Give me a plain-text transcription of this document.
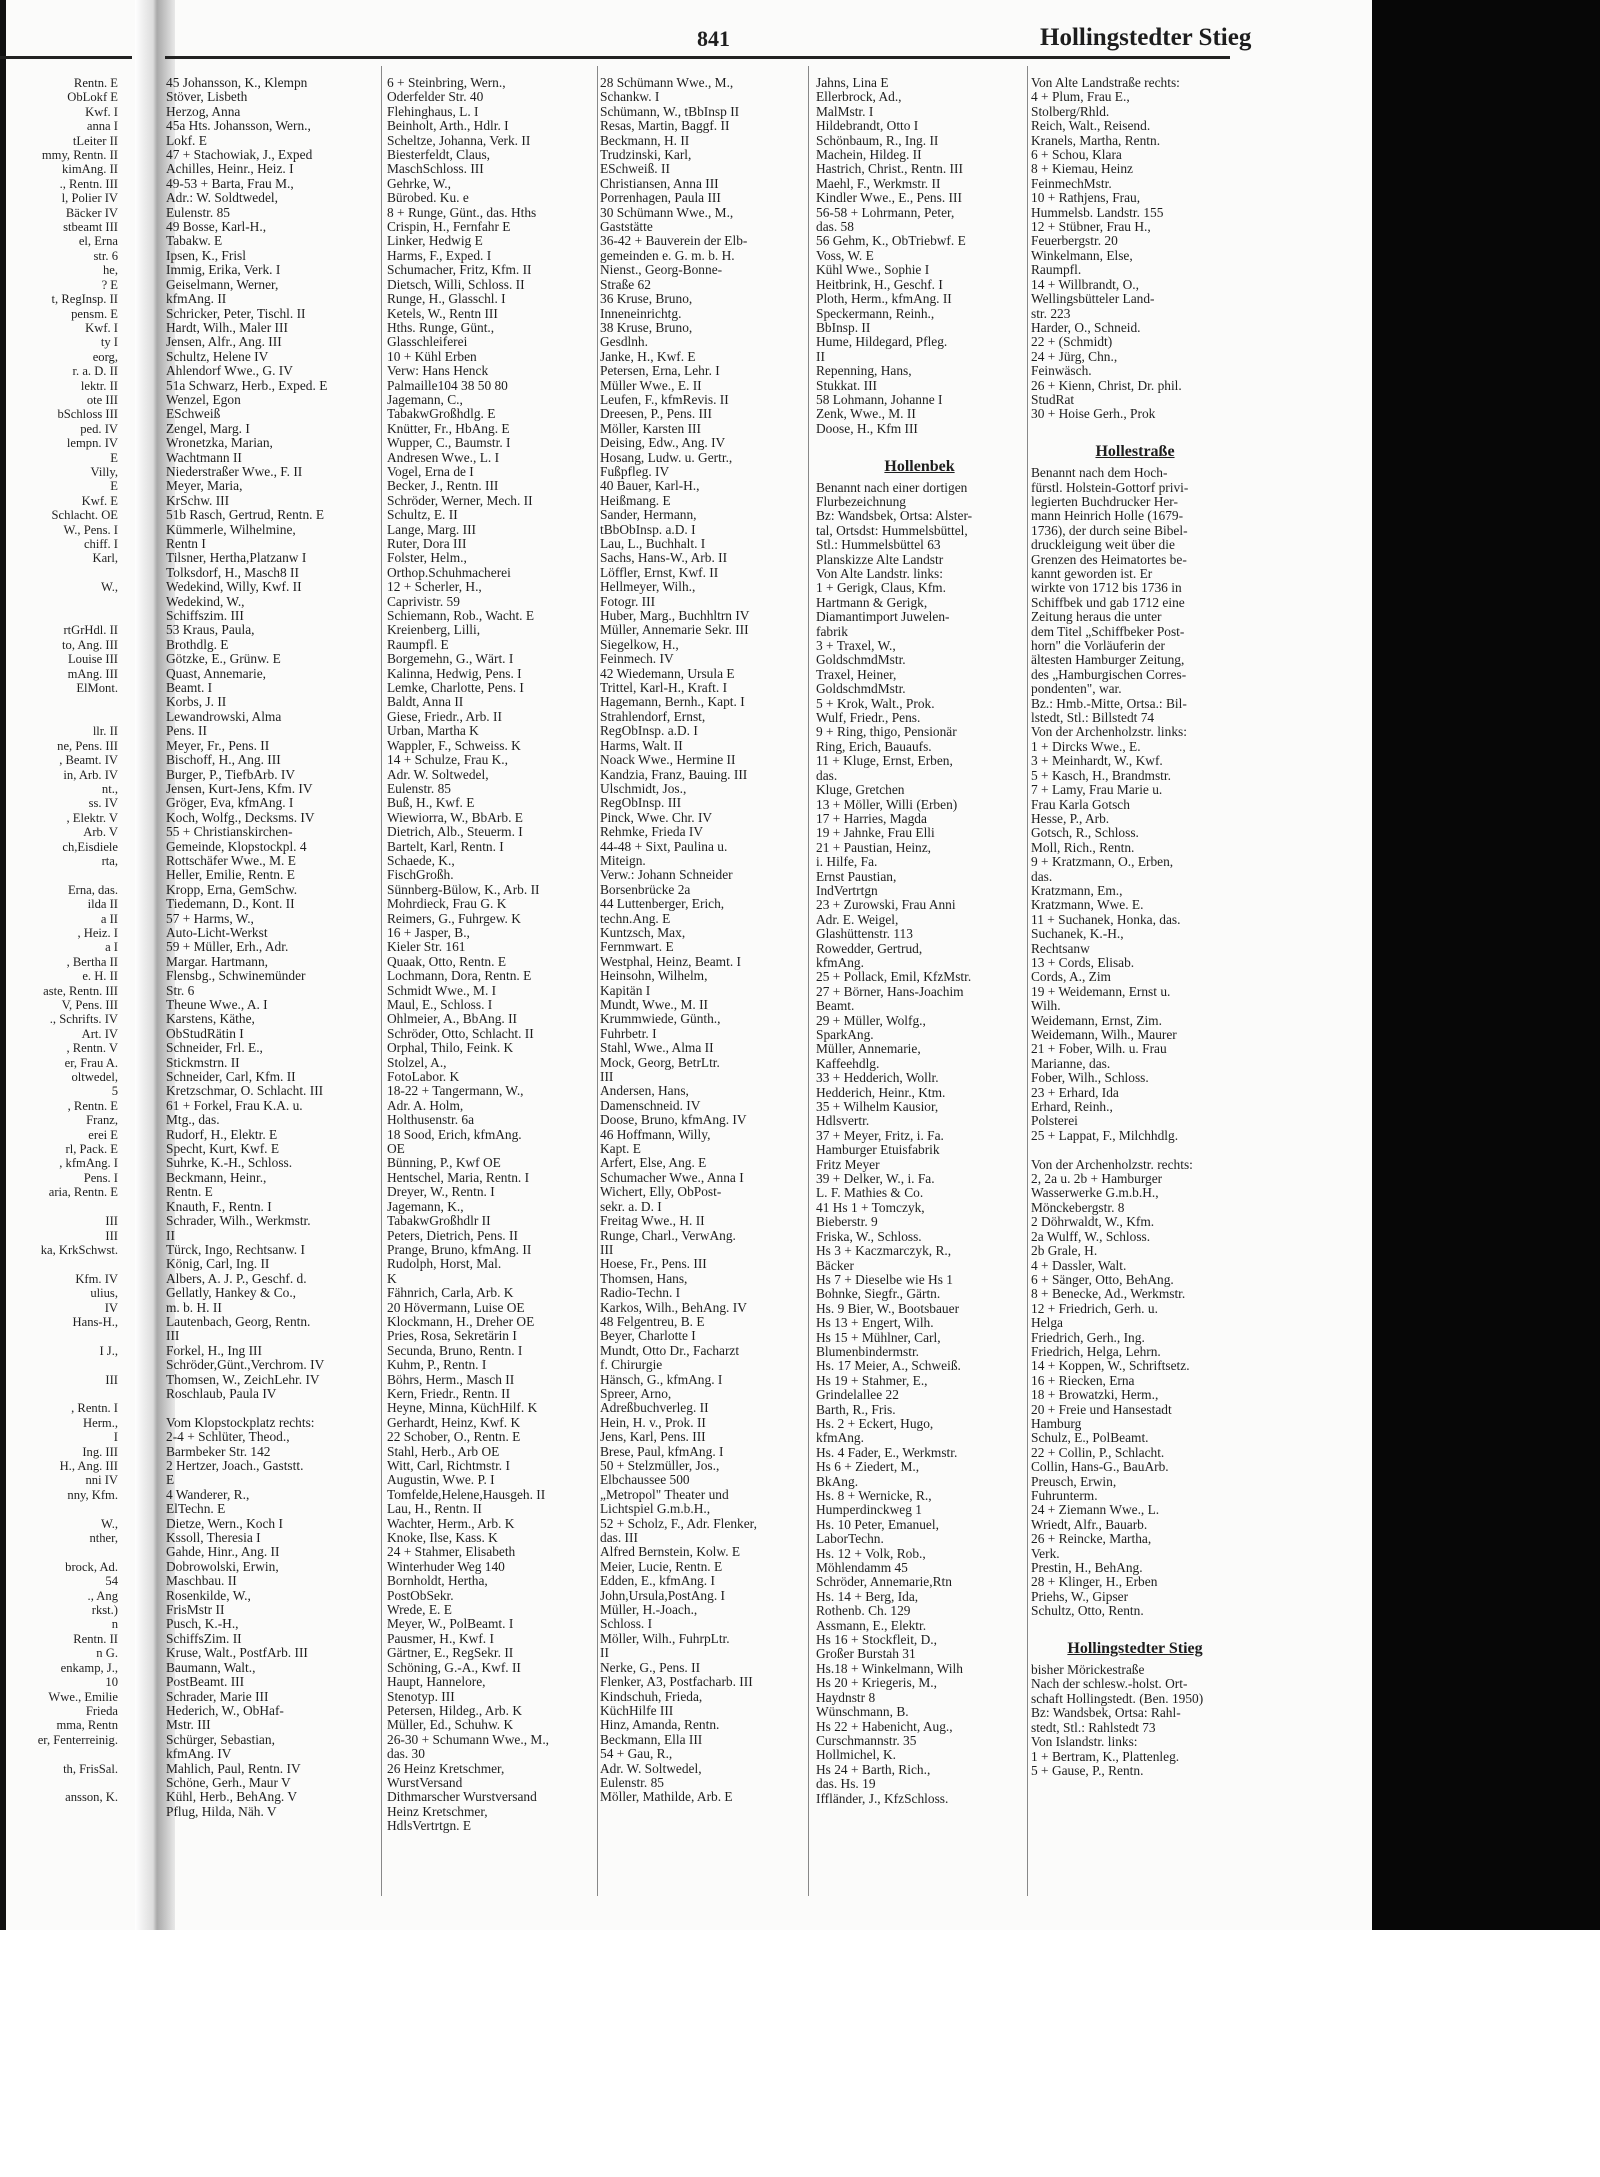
841	Hollingstedter Stieg
Rentn. E
ObLokf E
Kwf. I
anna I
tLeiter II
mmy, Rentn. II
kimAng. II
., Rentn. III
l, Polier IV
Bäcker IV
stbeamt III
el, Erna
str. 6
he,
? E
t, RegInsp. II
pensm. E
Kwf. I
ty I
eorg,
r. a. D. II
lektr. II
ote III
bSchloss III
ped. IV
lempn. IV
E
Villy,
E
Kwf. E
Schlacht. OE
W., Pens. I
chiff. I
Karl,

W.,

rtGrHdl. II
to, Ang. III
Louise III
mAng. III
ElMont.

llr. II
ne, Pens. III
, Beamt. IV
in, Arb. IV
nt.,
ss. IV
, Elektr. V
Arb. V
ch,Eisdiele
rta,

Erna, das.
ilda II
a II
, Heiz. I
a I
, Bertha II
e. H. II
aste, Rentn. III
V, Pens. III
., Schrifts. IV
Art. IV
, Rentn. V
er, Frau A.
oltwedel,
5
, Rentn. E
Franz,
erei E
rl, Pack. E
, kfmAng. I
Pens. I
aria, Rentn. E

III
III
ka, KrkSchwst.

Kfm. IV
ulius,
IV
Hans-H.,

I J.,

III

, Rentn. I
Herm.,
I
Ing. III
H., Ang. III
nni IV
nny, Kfm.

W.,
nther,

brock, Ad.
54
., Ang
rkst.)
n
Rentn. II
n G.
enkamp, J.,
10
Wwe., Emilie
Frieda
mma, Rentn
er, Fenterreinig.

th, FrisSal.

ansson, K.
45 Johansson, K., Klempn
Stöver, Lisbeth
Herzog, Anna
45a Hts. Johansson, Wern.,
Lokf. E
47 + Stachowiak, J., Exped
Achilles, Heinr., Heiz. I
49-53 + Barta, Frau M.,
Adr.: W. Soldtwedel,
Eulenstr. 85
49 Bosse, Karl-H.,
Tabakw. E
Ipsen, K., Frisl
Immig, Erika, Verk. I
Geiselmann, Werner,
kfmAng. II
Schricker, Peter, Tischl. II
Hardt, Wilh., Maler III
Jensen, Alfr., Ang. III
Schultz, Helene IV
Ahlendorf Wwe., G. IV
51a Schwarz, Herb., Exped. E
Wenzel, Egon
ESchweiß
Zengel, Marg. I
Wronetzka, Marian,
Wachtmann II
Niederstraßer Wwe., F. II
Meyer, Maria,
KrSchw. III
51b Rasch, Gertrud, Rentn. E
Kümmerle, Wilhelmine,
Rentn I
Tilsner, Hertha,Platzanw I
Tolksdorf, H., Masch8 II
Wedekind, Willy, Kwf. II
Wedekind, W.,
Schiffszim. III
53 Kraus, Paula,
Brothdlg. E
Götzke, E., Grünw. E
Quast, Annemarie,
Beamt. I
Korbs, J. II
Lewandrowski, Alma
Pens. II
Meyer, Fr., Pens. II
Bischoff, H., Ang. III
Burger, P., TiefbArb. IV
Jensen, Kurt-Jens, Kfm. IV
Gröger, Eva, kfmAng. I
Koch, Wolfg., Decksms. IV
55 + Christianskirchen-
Gemeinde, Klopstockpl. 4
Rottschäfer Wwe., M. E
Heller, Emilie, Rentn. E
Kropp, Erna, GemSchw.
Tiedemann, D., Kont. II
57 + Harms, W.,
Auto-Licht-Werkst
59 + Müller, Erh., Adr.
Margar. Hartmann,
Flensbg., Schwinemünder
Str. 6
Theune Wwe., A. I
Karstens, Käthe,
ObStudRätin I
Schneider, Frl. E.,
Stickmstrn. II
Schneider, Carl, Kfm. II
Kretzschmar, O. Schlacht. III
61 + Forkel, Frau K.A. u.
Mtg., das.
Rudorf, H., Elektr. E
Specht, Kurt, Kwf. E
Suhrke, K.-H., Schloss.
Beckmann, Heinr.,
Rentn. E
Knauth, F., Rentn. I
Schrader, Wilh., Werkmstr.
II
Türck, Ingo, Rechtsanw. I
König, Carl, Ing. II
Albers, A. J. P., Geschf. d.
Gellatly, Hankey & Co.,
m. b. H. II
Lautenbach, Georg, Rentn.
III
Forkel, H., Ing III
Schröder,Günt.,Verchrom. IV
Thomsen, W., ZeichLehr. IV
Roschlaub, Paula IV

Vom Klopstockplatz rechts:
2-4 + Schlüter, Theod.,
Barmbeker Str. 142
2 Hertzer, Joach., Gaststt.
E
4 Wanderer, R.,
ElTechn. E
Dietze, Wern., Koch I
Kssoll, Theresia I
Gahde, Hinr., Ang. II
Dobrowolski, Erwin,
Maschbau. II
Rosenkilde, W.,
FrisMstr II
Pusch, K.-H.,
SchiffsZim. II
Kruse, Walt., PostfArb. III
Baumann, Walt.,
PostBeamt. III
Schrader, Marie III
Hederich, W., ObHaf-
Mstr. III
Schürger, Sebastian,
kfmAng. IV
Mahlich, Paul, Rentn. IV
Schöne, Gerh., Maur V
Kühl, Herb., BehAng. V
Pflug, Hilda, Näh. V
6 + Steinbring, Wern.,
Oderfelder Str. 40
Flehinghaus, L. I
Beinholt, Arth., Hdlr. I
Scheltze, Johanna, Verk. II
Biesterfeldt, Claus,
MaschSchloss. III
Gehrke, W.,
Bürobed. Ku. e
8 + Runge, Günt., das. Hths
Crispin, H., Fernfahr E
Linker, Hedwig E
Harms, F., Exped. I
Schumacher, Fritz, Kfm. II
Dietsch, Willi, Schloss. II
Runge, H., Glasschl. I
Ketels, W., Rentn III
Hths. Runge, Günt.,
Glasschleiferei
10 + Kühl Erben
Verw: Hans Henck
Palmaille104 38 50 80
Jagemann, C.,
TabakwGroßhdlg. E
Knütter, Fr., HbAng. E
Wupper, C., Baumstr. I
Andresen Wwe., L. I
Vogel, Erna de I
Becker, J., Rentn. III
Schröder, Werner, Mech. II
Schultz, E. II
Lange, Marg. III
Ruter, Dora III
Folster, Helm.,
Orthop.Schuhmacherei
12 + Scherler, H.,
Caprivistr. 59
Schiemann, Rob., Wacht. E
Kreienberg, Lilli,
Raumpfl. E
Borgemehn, G., Wärt. I
Kalinna, Hedwig, Pens. I
Lemke, Charlotte, Pens. I
Baldt, Anna II
Giese, Friedr., Arb. II
Urban, Martha K
Wappler, F., Schweiss. K
14 + Schulze, Frau K.,
Adr. W. Soltwedel,
Eulenstr. 85
Buß, H., Kwf. E
Wiewiorra, W., BbArb. E
Dietrich, Alb., Steuerm. I
Bartelt, Karl, Rentn. I
Schaede, K.,
FischGroßh.
Sünnberg-Bülow, K., Arb. II
Mohrdieck, Frau G. K
Reimers, G., Fuhrgew. K
16 + Jasper, B.,
Kieler Str. 161
Quaak, Otto, Rentn. E
Lochmann, Dora, Rentn. E
Schmidt Wwe., M. I
Maul, E., Schloss. I
Ohlmeier, A., BbAng. II
Schröder, Otto, Schlacht. II
Orphal, Thilo, Feink. K
Stolzel, A.,
FotoLabor. K
18-22 + Tangermann, W.,
Adr. A. Holm,
Holthusenstr. 6a
18 Sood, Erich, kfmAng.
OE
Bünning, P., Kwf OE
Hentschel, Maria, Rentn. I
Dreyer, W., Rentn. I
Jagemann, K.,
TabakwGroßhdlr II
Peters, Dietrich, Pens. II
Prange, Bruno, kfmAng. II
Rudolph, Horst, Mal.
K
Fähnrich, Carla, Arb. K
20 Hövermann, Luise OE
Klockmann, H., Dreher OE
Pries, Rosa, Sekretärin I
Secunda, Bruno, Rentn. I
Kuhm, P., Rentn. I
Böhrs, Herm., Masch II
Kern, Friedr., Rentn. II
Heyne, Minna, KüchHilf. K
Gerhardt, Heinz, Kwf. K
22 Schober, O., Rentn. E
Stahl, Herb., Arb OE
Witt, Carl, Richtmstr. I
Augustin, Wwe. P. I
Tomfelde,Helene,Hausgeh. II
Lau, H., Rentn. II
Wachter, Herm., Arb. K
Knoke, Ilse, Kass. K
24 + Stahmer, Elisabeth
Winterhuder Weg 140
Bornholdt, Hertha,
PostObSekr.
Wrede, E. E
Meyer, W., PolBeamt. I
Pausmer, H., Kwf. I
Gärtner, E., RegSekr. II
Schöning, G.-A., Kwf. II
Haupt, Hannelore,
Stenotyp. III
Petersen, Hildeg., Arb. K
Müller, Ed., Schuhw. K
26-30 + Schumann Wwe., M.,
das. 30
26 Heinz Kretschmer,
WurstVersand
Dithmarscher Wurstversand
Heinz Kretschmer,
HdlsVertrtgn. E
28 Schümann Wwe., M.,
Schankw. I
Schümann, W., tBbInsp II
Resas, Martin, Baggf. II
Beckmann, H. II
Trudzinski, Karl,
ESchweiß. II
Christiansen, Anna III
Porrenhagen, Paula III
30 Schümann Wwe., M.,
Gaststätte
36-42 + Bauverein der Elb-
gemeinden e. G. m. b. H.
Nienst., Georg-Bonne-
Straße 62
36 Kruse, Bruno,
Inneneinrichtg.
38 Kruse, Bruno,
Gesdlnh.
Janke, H., Kwf. E
Petersen, Erna, Lehr. I
Müller Wwe., E. II
Leufen, F., kfmRevis. II
Dreesen, P., Pens. III
Möller, Karsten III
Deising, Edw., Ang. IV
Hosang, Ludw. u. Gertr.,
Fußpfleg. IV
40 Bauer, Karl-H.,
Heißmang. E
Sander, Hermann,
tBbObInsp. a.D. I
Lau, L., Buchhalt. I
Sachs, Hans-W., Arb. II
Löffler, Ernst, Kwf. II
Hellmeyer, Wilh.,
Fotogr. III
Huber, Marg., Buchhltrn IV
Müller, Annemarie Sekr. III
Siegelkow, H.,
Feinmech. IV
42 Wiedemann, Ursula E
Trittel, Karl-H., Kraft. I
Hagemann, Bernh., Kapt. I
Strahlendorf, Ernst,
RegObInsp. a.D. I
Harms, Walt. II
Noack Wwe., Hermine II
Kandzia, Franz, Bauing. III
Ulschmidt, Jos.,
RegObInsp. III
Pinck, Wwe. Chr. IV
Rehmke, Frieda IV
44-48 + Sixt, Paulina u.
Miteign.
Verw.: Johann Schneider
Borsenbrücke 2a
44 Luttenberger, Erich,
techn.Ang. E
Kuntzsch, Max,
Fernmwart. E
Westphal, Heinz, Beamt. I
Heinsohn, Wilhelm,
Kapitän I
Mundt, Wwe., M. II
Krummwiede, Günth.,
Fuhrbetr. I
Stahl, Wwe., Alma II
Mock, Georg, BetrLtr.
III
Andersen, Hans,
Damenschneid. IV
Doose, Bruno, kfmAng. IV
46 Hoffmann, Willy,
Kapt. E
Arfert, Else, Ang. E
Schumacher Wwe., Anna I
Wichert, Elly, ObPost-
sekr. a. D. I
Freitag Wwe., H. II
Runge, Charl., VerwAng.
III
Hoese, Fr., Pens. III
Thomsen, Hans,
Radio-Techn. I
Karkos, Wilh., BehAng. IV
48 Felgentreu, B. E
Beyer, Charlotte I
Mundt, Otto Dr., Facharzt
f. Chirurgie
Hänsch, G., kfmAng. I
Spreer, Arno,
Adreßbuchverleg. II
Hein, H. v., Prok. II
Jens, Karl, Pens. III
Brese, Paul, kfmAng. I
50 + Stelzmüller, Jos.,
Elbchaussee 500
„Metropol" Theater und
Lichtspiel G.m.b.H.,
52 + Scholz, F., Adr. Flenker,
das. III
Alfred Bernstein, Kolw. E
Meier, Lucie, Rentn. E
Edden, E., kfmAng. I
John,Ursula,PostAng. I
Müller, H.-Joach.,
Schloss. I
Möller, Wilh., FuhrpLtr.
II
Nerke, G., Pens. II
Flenker, A3, Postfacharb. III
Kindschuh, Frieda,
KüchHilfe III
Hinz, Amanda, Rentn.
Beckmann, Ella III
54 + Gau, R.,
Adr. W. Soltwedel,
Eulenstr. 85
Möller, Mathilde, Arb. E
Jahns, Lina E
Ellerbrock, Ad.,
MalMstr. I
Hildebrandt, Otto I
Schönbaum, R., Ing. II
Machein, Hildeg. II
Hastrich, Christ., Rentn. III
Maehl, F., Werkmstr. II
Kindler Wwe., E., Pens. III
56-58 + Lohrmann, Peter,
das. 58
56 Gehm, K., ObTriebwf. E
Voss, W. E
Kühl Wwe., Sophie I
Heitbrink, H., Geschf. I
Ploth, Herm., kfmAng. II
Speckermann, Reinh.,
BbInsp. II
Hume, Hildegard, Pfleg.
II
Repenning, Hans,
Stukkat. III
58 Lohmann, Johanne I
Zenk, Wwe., M. II
Doose, H., Kfm III

Hollenbek
Benannt nach einer dortigen
Flurbezeichnung
Bz: Wandsbek, Ortsa: Alster-
tal, Ortsdst: Hummelsbüttel,
Stl.: Hummelsbüttel 63
Planskizze Alte Landstr
Von Alte Landstr. links:
1 + Gerigk, Claus, Kfm.
Hartmann & Gerigk,
Diamantimport Juwelen-
fabrik
3 + Traxel, W.,
GoldschmdMstr.
Traxel, Heiner,
GoldschmdMstr.
5 + Krok, Walt., Prok.
Wulf, Friedr., Pens.
9 + Ring, thigo, Pensionär
Ring, Erich, Bauaufs.
11 + Kluge, Ernst, Erben,
das.
Kluge, Gretchen
13 + Möller, Willi (Erben)
17 + Harries, Magda
19 + Jahnke, Frau Elli
21 + Paustian, Heinz,
i. Hilfe, Fa.
Ernst Paustian,
IndVertrtgn
23 + Zurowski, Frau Anni
Adr. E. Weigel,
Glashüttenstr. 113
Rowedder, Gertrud,
kfmAng.
25 + Pollack, Emil, KfzMstr.
27 + Börner, Hans-Joachim
Beamt.
29 + Müller, Wolfg.,
SparkAng.
Müller, Annemarie,
Kaffeehdlg.
33 + Hedderich, Wollr.
Hedderich, Heinr., Ktm.
35 + Wilhelm Kausior,
Hdlsvertr.
37 + Meyer, Fritz, i. Fa.
Hamburger Etuisfabrik
Fritz Meyer
39 + Delker, W., i. Fa.
L. F. Mathies & Co.
41 Hs 1 + Tomczyk,
Bieberstr. 9
Friska, W., Schloss.
Hs 3 + Kaczmarczyk, R.,
Bäcker
Hs 7 + Dieselbe wie Hs 1
Bohnke, Siegfr., Gärtn.
Hs. 9 Bier, W., Bootsbauer
Hs 13 + Engert, Wilh.
Hs 15 + Mühlner, Carl,
Blumenbindermstr.
Hs. 17 Meier, A., Schweiß.
Hs 19 + Stahmer, E.,
Grindelallee 22
Barth, R., Fris.
Hs. 2 + Eckert, Hugo,
kfmAng.
Hs. 4 Fader, E., Werkmstr.
Hs 6 + Ziedert, M.,
BkAng.
Hs. 8 + Wernicke, R.,
Humperdinckweg 1
Hs. 10 Peter, Emanuel,
LaborTechn.
Hs. 12 + Volk, Rob.,
Möhlendamm 45
Schröder, Annemarie,Rtn
Hs. 14 + Berg, Ida,
Rothenb. Ch. 129
Assmann, E., Elektr.
Hs 16 + Stockfleit, D.,
Großer Burstah 31
Hs.18 + Winkelmann, Wilh
Hs 20 + Kriegeris, M.,
Haydnstr 8
Wünschmann, B.
Hs 22 + Habenicht, Aug.,
Curschmannstr. 35
Hollmichel, K.
Hs 24 + Barth, Rich.,
das. Hs. 19
Iffländer, J., KfzSchloss.
Von Alte Landstraße rechts:
4 + Plum, Frau E.,
Stolberg/Rhld.
Reich, Walt., Reisend.
Kranels, Martha, Rentn.
6 + Schou, Klara
8 + Kiemau, Heinz
FeinmechMstr.
10 + Rathjens, Frau,
Hummelsb. Landstr. 155
12 + Stübner, Frau H.,
Feuerbergstr. 20
Winkelmann, Else,
Raumpfl.
14 + Willbrandt, O.,
Wellingsbütteler Land-
str. 223
Harder, O., Schneid.
22 + (Schmidt)
24 + Jürg, Chn.,
Feinwäsch.
26 + Kienn, Christ, Dr. phil.
StudRat
30 + Hoise Gerh., Prok

Hollestraße
Benannt nach dem Hoch-
fürstl. Holstein-Gottorf privi-
legierten Buchdrucker Her-
mann Heinrich Holle (1679-
1736), der durch seine Bibel-
druckleigung weit über die
Grenzen des Heimatortes be-
kannt geworden ist. Er
wirkte von 1712 bis 1736 in
Schiffbek und gab 1712 eine
Zeitung heraus die unter
dem Titel „Schiffbeker Post-
horn" die Vorläuferin der
ältesten Hamburger Zeitung,
des „Hamburgischen Corres-
pondenten", war.
Bz.: Hmb.-Mitte, Ortsa.: Bil-
lstedt, Stl.: Billstedt 74
Von der Archenholzstr. links:
1 + Dircks Wwe., E.
3 + Meinhardt, W., Kwf.
5 + Kasch, H., Brandmstr.
7 + Lamy, Frau Marie u.
Frau Karla Gotsch
Hesse, P., Arb.
Gotsch, R., Schloss.
Moll, Rich., Rentn.
9 + Kratzmann, O., Erben,
das.
Kratzmann, Em.,
Kratzmann, Wwe. E.
11 + Suchanek, Honka, das.
Suchanek, K.-H.,
Rechtsanw
13 + Cords, Elisab.
Cords, A., Zim
19 + Weidemann, Ernst u.
Wilh.
Weidemann, Ernst, Zim.
Weidemann, Wilh., Maurer
21 + Fober, Wilh. u. Frau
Marianne, das.
Fober, Wilh., Schloss.
23 + Erhard, Ida
Erhard, Reinh.,
Polsterei
25 + Lappat, F., Milchhdlg.

Von der Archenholzstr. rechts:
2, 2a u. 2b + Hamburger
Wasserwerke G.m.b.H.,
Mönckebergstr. 8
2 Döhrwaldt, W., Kfm.
2a Wulff, W., Schloss.
2b Grale, H.
4 + Dassler, Walt.
6 + Sänger, Otto, BehAng.
8 + Benecke, Ad., Werkmstr.
12 + Friedrich, Gerh. u.
Helga
Friedrich, Gerh., Ing.
Friedrich, Helga, Lehrn.
14 + Koppen, W., Schriftsetz.
16 + Riecken, Erna
18 + Browatzki, Herm.,
20 + Freie und Hansestadt
Hamburg
Schulz, E., PolBeamt.
22 + Collin, P., Schlacht.
Collin, Hans-G., BauArb.
Preusch, Erwin,
Fuhrunterm.
24 + Ziemann Wwe., L.
Wriedt, Alfr., Bauarb.
26 + Reincke, Martha,
Verk.
Prestin, H., BehAng.
28 + Klinger, H., Erben
Priehs, W., Gipser
Schultz, Otto, Rentn.

Hollingstedter Stieg
bisher Mörickestraße
Nach der schlesw.-holst. Ort-
schaft Hollingstedt. (Ben. 1950)
Bz: Wandsbek, Ortsa: Rahl-
stedt, Stl.: Rahlstedt 73
Von Islandstr. links:
1 + Bertram, K., Plattenleg.
5 + Gause, P., Rentn.
